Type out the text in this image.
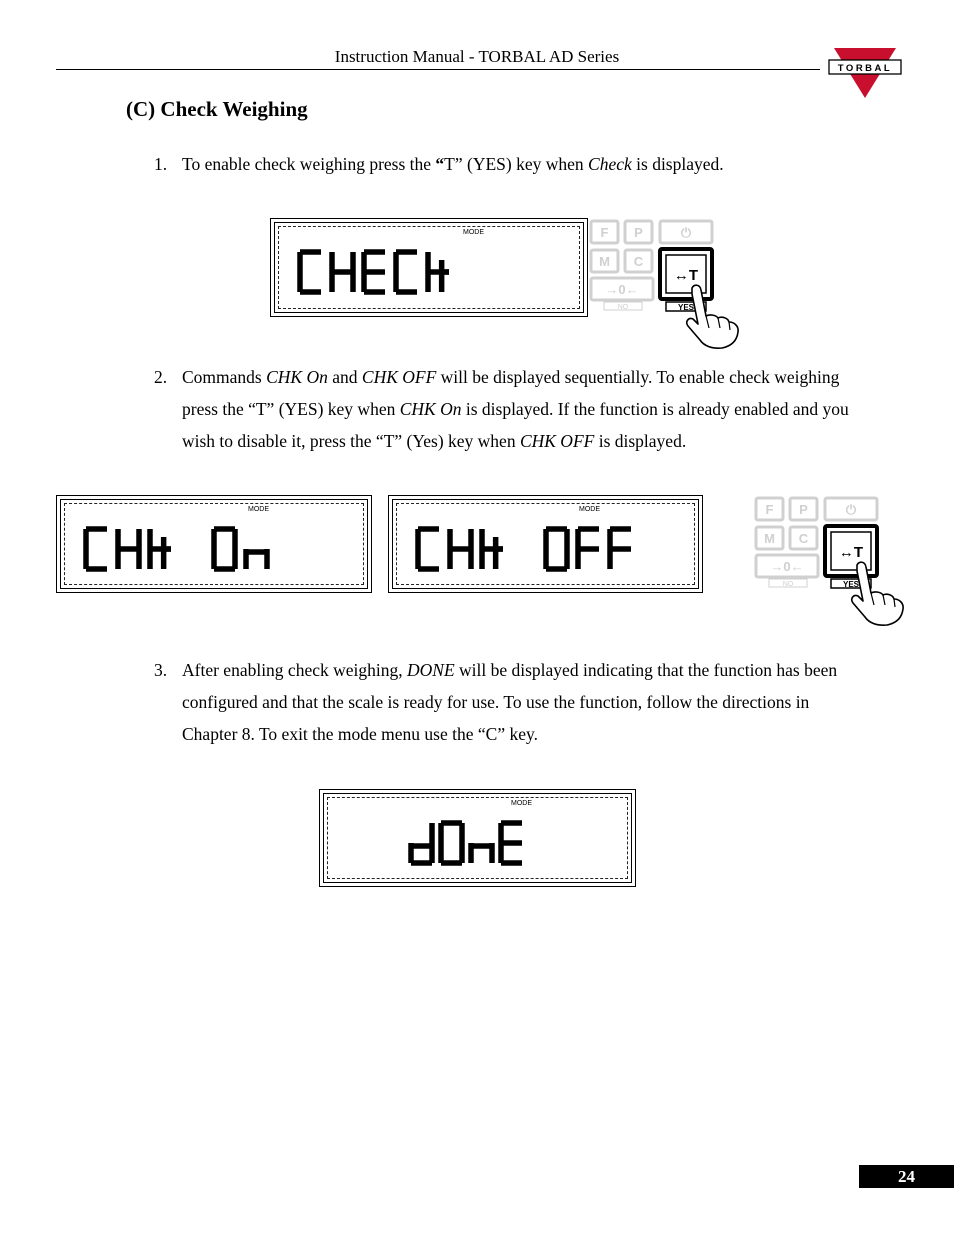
Instruction Manual - TORBAL AD Series
TORBAL
(C) Check Weighing
1. To enable check weighing press the “T” (YES) key when Check is displayed.

MODE	F P	⏻
M C
→0←
NO
↔T
YES
2. Commands CHK On and CHK OFF will be displayed sequentially. To enable check weighing

press the “T” (YES) key when CHK On is displayed. If the function is already enabled and you

wish to disable it, press the “T” (Yes) key when CHK OFF is displayed.

MODE	MODE	F P	⏻
M C
→0←
NO
↔T
YES
3. After enabling check weighing, DONE will be displayed indicating that the function has been

configured and that the scale is ready for use. To use the function, follow the directions in

Chapter 8. To exit the mode menu use the “C” key.

MODE
24
